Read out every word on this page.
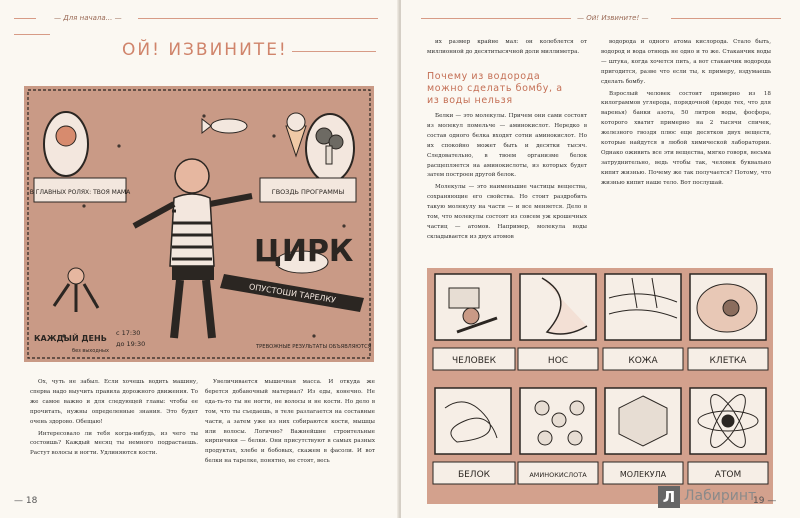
— Для начала... —
ОЙ! ИЗВИНИТЕ!
В ГЛАВНЫХ РОЛЯХ: ТВОЯ МАМА	ГВОЗДЬ ПРОГРАММЫ
ЦИРК
ОПУСТОШИ ТАРЕЛКУ
КАЖДЫЙ ДЕНЬ
без выходных
с 17:30
до 19:30	ТРЕВОЖНЫЕ РЕЗУЛЬТАТЫ ОБЪЯВЛЯЮТСЯ

Ох, чуть не забыл. Если хочешь водить машину, сперва надо выучить правила дорожного движения. То же самое важно и для следующей главы: чтобы ее прочитать, нужны определенные знания. Это будет очень здорово. Обещаю!

Интересовало ли тебя когда-нибудь, из чего ты состоишь? Каждый месяц ты немного подрастаешь. Растут волосы и ногти. Удлиняются кости.

Увеличивается мышечная масса. И откуда же берется добавочный материал? Из еды, конечно. Не еда-ть-то ты не ногти, не волосы и не кости. Но дело в том, что ты съедаешь, в теле разлагается на составные части, а затем уже из них собираются кости, мышцы или волосы. Логично? Важнейшие строительные кирпичики — белки. Они присутствуют в самых разных продуктах, хлебе и бобовых, скажем в фасоли. И вот белки на тарелке, понятно, не стоят, весь

— 18
— Ой! Извините! —

их размер крайне мал: он колеблется от миллионной до десятитысячной доли миллиметра.

Почему из водорода можно сделать бомбу, а из воды нельзя

Белки — это молекулы. Причем они сами состоят из молекул помельче — аминокислот. Нередко в состав одного белка входят сотни аминокислот. Но их спокойно может быть и десятки тысяч. Следовательно, в твоем организме белок расщепляется на аминокислоты, из которых будет затем построен другой белок.

Молекулы — это наименьшие частицы вещества, сохраняющие его свойства. Но стоит раздробить такую молекулу на части — и все меняется. Дело в том, что молекулы состоят из совсем уж крошечных частиц — атомов. Например, молекула воды складывается из двух атомов

водорода и одного атома кислорода. Стало быть, водород и вода отнюдь не одно и то же. Стаканчик воды — штука, когда хочется пить, а вот стаканчик водорода пригодится, разве что если ты, к примеру, вздумаешь сделать бомбу.

Взрослый человек состоит примерно из 18 килограммов углерода, порядочной (вроде тех, что для варенья) банки азота, 50 литров воды, фосфора, которого хватит примерно на 2 тысячи спичек, железного гвоздя плюс еще десятков двух веществ, которые найдутся в любой химической лаборатории. Однако оживить все эти вещества, мягко говоря, весьма затруднительно, ведь чтобы так, человек буквально кипит жизнью. Почему же так получается? Потому, что жизнью кипит наше тело. Вот послушай.

ЧЕЛОВЕК	НОС	КОЖА	КЛЕТКА
БЕЛОК	АМИНОКИСЛОТА	МОЛЕКУЛА	АТОМ
19 —
Л Лабиринт
